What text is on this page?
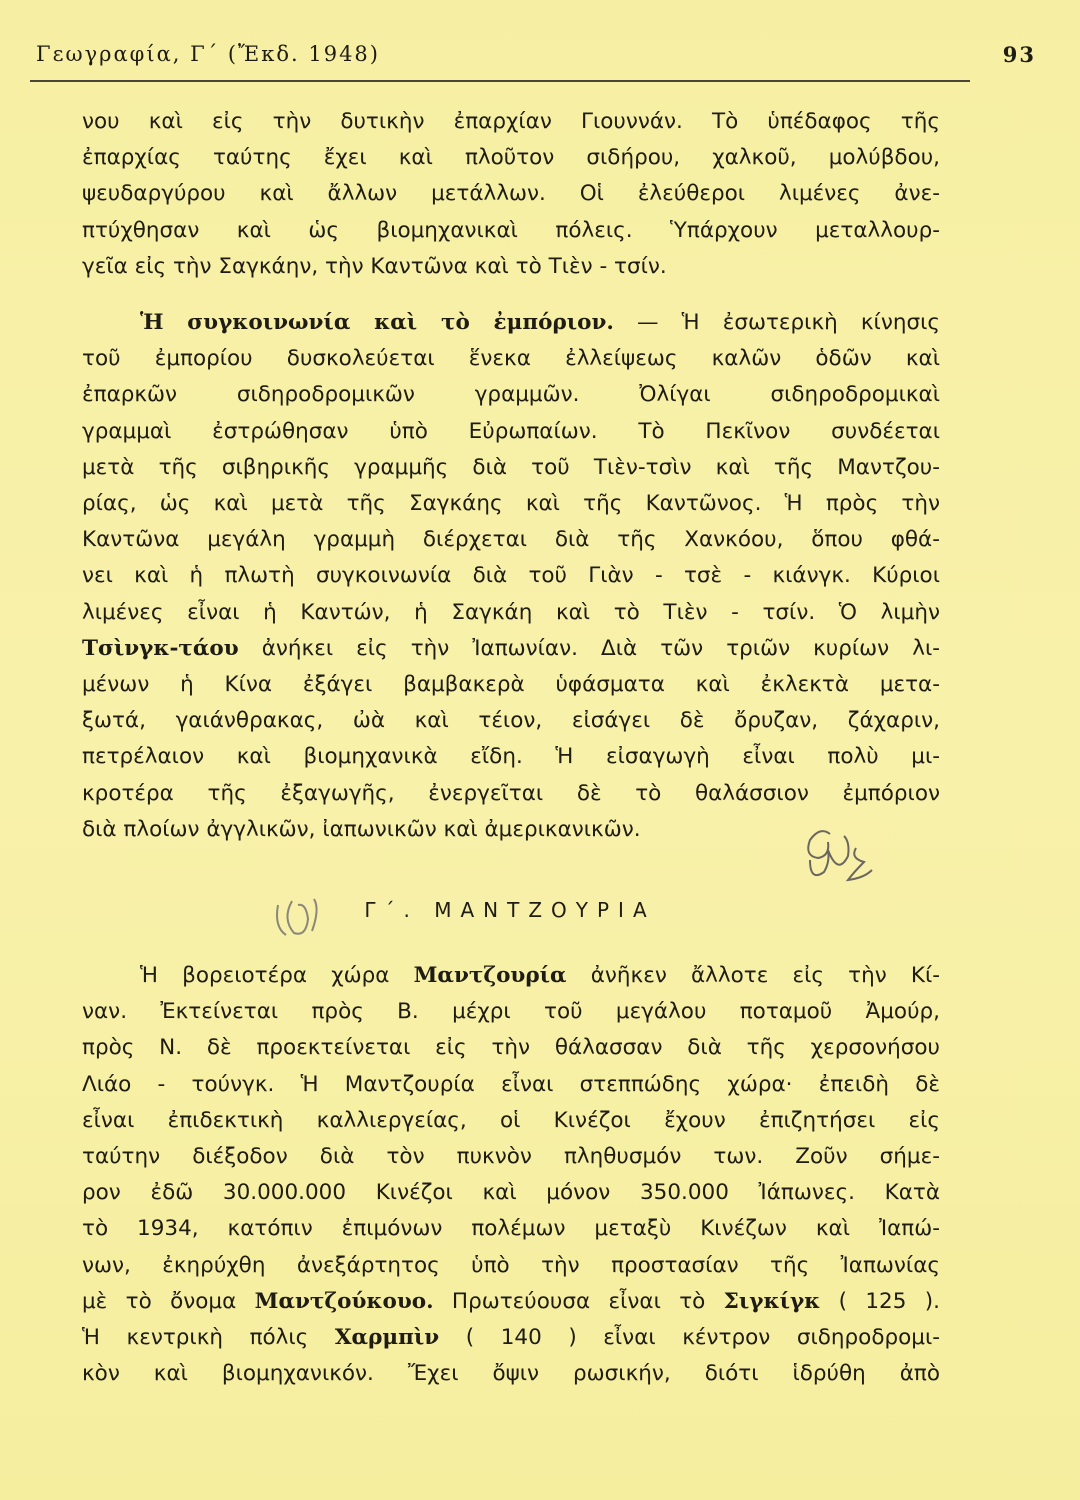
Γεωγραφία, Γ΄ (Ἔκδ. 1948)	93
νου καὶ εἰς τὴν δυτικὴν ἐπαρχίαν Γιουννάν. Τὸ ὑπέδαφος τῆς
ἐπαρχίας ταύτης ἔχει καὶ πλοῦτον σιδήρου, χαλκοῦ, μολύβδου,
ψευδαργύρου καὶ ἄλλων μετάλλων. Οἱ ἐλεύθεροι λιμένες ἀνε-
πτύχθησαν καὶ ὡς βιομηχανικαὶ πόλεις. Ὑπάρχουν μεταλλουρ-
γεῖα εἰς τὴν Σαγκάην, τὴν Καντῶνα καὶ τὸ Τιὲν - τσίν.
Ἡ συγκοινωνία καὶ τὸ ἐμπόριον. — Ἡ ἐσωτερικὴ κίνησις
τοῦ ἐμπορίου δυσκολεύεται ἕνεκα ἐλλείψεως καλῶν ὁδῶν καὶ
ἐπαρκῶν σιδηροδρομικῶν γραμμῶν. Ὀλίγαι σιδηροδρομικαὶ
γραμμαὶ ἐστρώθησαν ὑπὸ Εὐρωπαίων. Τὸ Πεκῖνον συνδέεται
μετὰ τῆς σιβηρικῆς γραμμῆς διὰ τοῦ Τιὲν-τσὶν καὶ τῆς Μαντζου-
ρίας, ὡς καὶ μετὰ τῆς Σαγκάης καὶ τῆς Καντῶνος. Ἡ πρὸς τὴν
Καντῶνα μεγάλη γραμμὴ διέρχεται διὰ τῆς Χανκόου, ὅπου φθά-
νει καὶ ἡ πλωτὴ συγκοινωνία διὰ τοῦ Γιὰν - τσὲ - κιάνγκ. Κύριοι
λιμένες εἶναι ἡ Καντών, ἡ Σαγκάη καὶ τὸ Τιὲν - τσίν. Ὁ λιμὴν
Τσὶνγκ-τάου ἀνήκει εἰς τὴν Ἰαπωνίαν. Διὰ τῶν τριῶν κυρίων λι-
μένων ἡ Κίνα ἐξάγει βαμβακερὰ ὑφάσματα καὶ ἐκλεκτὰ μετα-
ξωτά, γαιάνθρακας, ὠὰ καὶ τέιον, εἰσάγει δὲ ὄρυζαν, ζάχαριν,
πετρέλαιον καὶ βιομηχανικὰ εἴδη. Ἡ εἰσαγωγὴ εἶναι πολὺ μι-
κροτέρα τῆς ἐξαγωγῆς, ἐνεργεῖται δὲ τὸ θαλάσσιον ἐμπόριον
διὰ πλοίων ἀγγλικῶν, ἰαπωνικῶν καὶ ἀμερικανικῶν.
Γ΄. ΜΑΝΤΖΟΥΡΙΑ
Ἡ βορειοτέρα χώρα Μαντζουρία ἀνῆκεν ἄλλοτε εἰς τὴν Κί-
ναν. Ἐκτείνεται πρὸς Β. μέχρι τοῦ μεγάλου ποταμοῦ Ἀμούρ,
πρὸς Ν. δὲ προεκτείνεται εἰς τὴν θάλασσαν διὰ τῆς χερσονήσου
Λιάο - τούνγκ. Ἡ Μαντζουρία εἶναι στεππώδης χώρα· ἐπειδὴ δὲ
εἶναι ἐπιδεκτικὴ καλλιεργείας, οἱ Κινέζοι ἔχουν ἐπιζητήσει εἰς
ταύτην διέξοδον διὰ τὸν πυκνὸν πληθυσμόν των. Ζοῦν σήμε-
ρον ἐδῶ 30.000.000 Κινέζοι καὶ μόνον 350.000 Ἰάπωνες. Κατὰ
τὸ 1934, κατόπιν ἐπιμόνων πολέμων μεταξὺ Κινέζων καὶ Ἰαπώ-
νων, ἐκηρύχθη ἀνεξάρτητος ὑπὸ τὴν προστασίαν τῆς Ἰαπωνίας
μὲ τὸ ὄνομα Μαντζούκουο. Πρωτεύουσα εἶναι τὸ Σιγκίγκ ( 125 ).
Ἡ κεντρικὴ πόλις Χαρμπὶν ( 140 ) εἶναι κέντρον σιδηροδρομι-
κὸν καὶ βιομηχανικόν. Ἔχει ὄψιν ρωσικήν, διότι ἱδρύθη ἀπὸ
